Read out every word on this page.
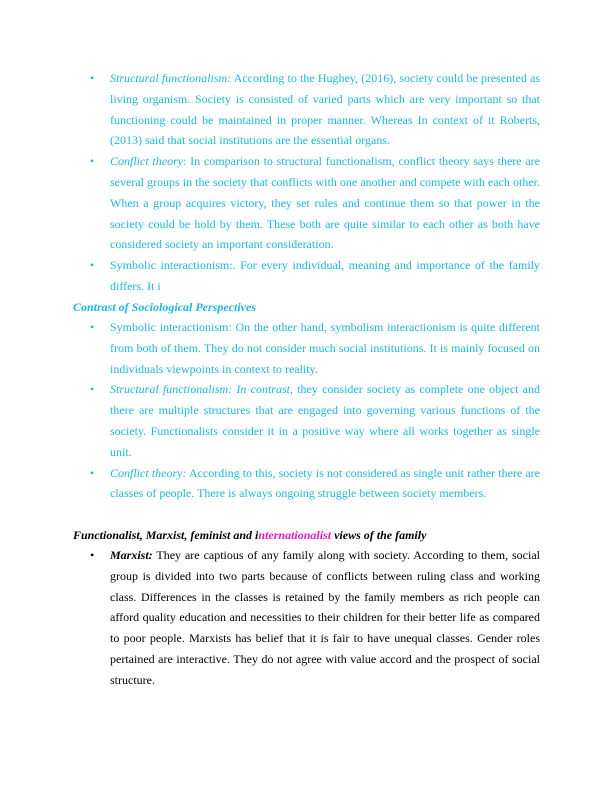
• Structural functionalism: According to the Hughey, (2016), society could be presented as living organism. Society is consisted of varied parts which are very important so that functioning could be maintained in proper manner. Whereas In context of it Roberts, (2013) said that social institutions are the essential organs.
• Conflict theory: In comparison to structural functionalism, conflict theory says there are several groups in the society that conflicts with one another and compete with each other. When a group acquires victory, they set rules and continue them so that power in the society could be hold by them. These both are quite similar to each other as both have considered society an important consideration.
• Symbolic interactionism:. For every individual, meaning and importance of the family differs. It i

Contrast of Sociological Perspectives

• Symbolic interactionism: On the other hand, symbolism interactionism is quite different from both of them. They do not consider much social institutions. It is mainly focused on individuals viewpoints in context to reality.
• Structural functionalism: In contrast, they consider society as complete one object and there are multiple structures that are engaged into governing various functions of the society. Functionalists consider it in a positive way where all works together as single unit.
• Conflict theory: According to this, society is not considered as single unit rather there are classes of people. There is always ongoing struggle between society members.

Functionalist, Marxist, feminist and internationalist views of the family

• Marxist: They are captious of any family along with society. According to them, social group is divided into two parts because of conflicts between ruling class and working class. Differences in the classes is retained by the family members as rich people can afford quality education and necessities to their children for their better life as compared to poor people. Marxists has belief that it is fair to have unequal classes. Gender roles pertained are interactive. They do not agree with value accord and the prospect of social structure.
